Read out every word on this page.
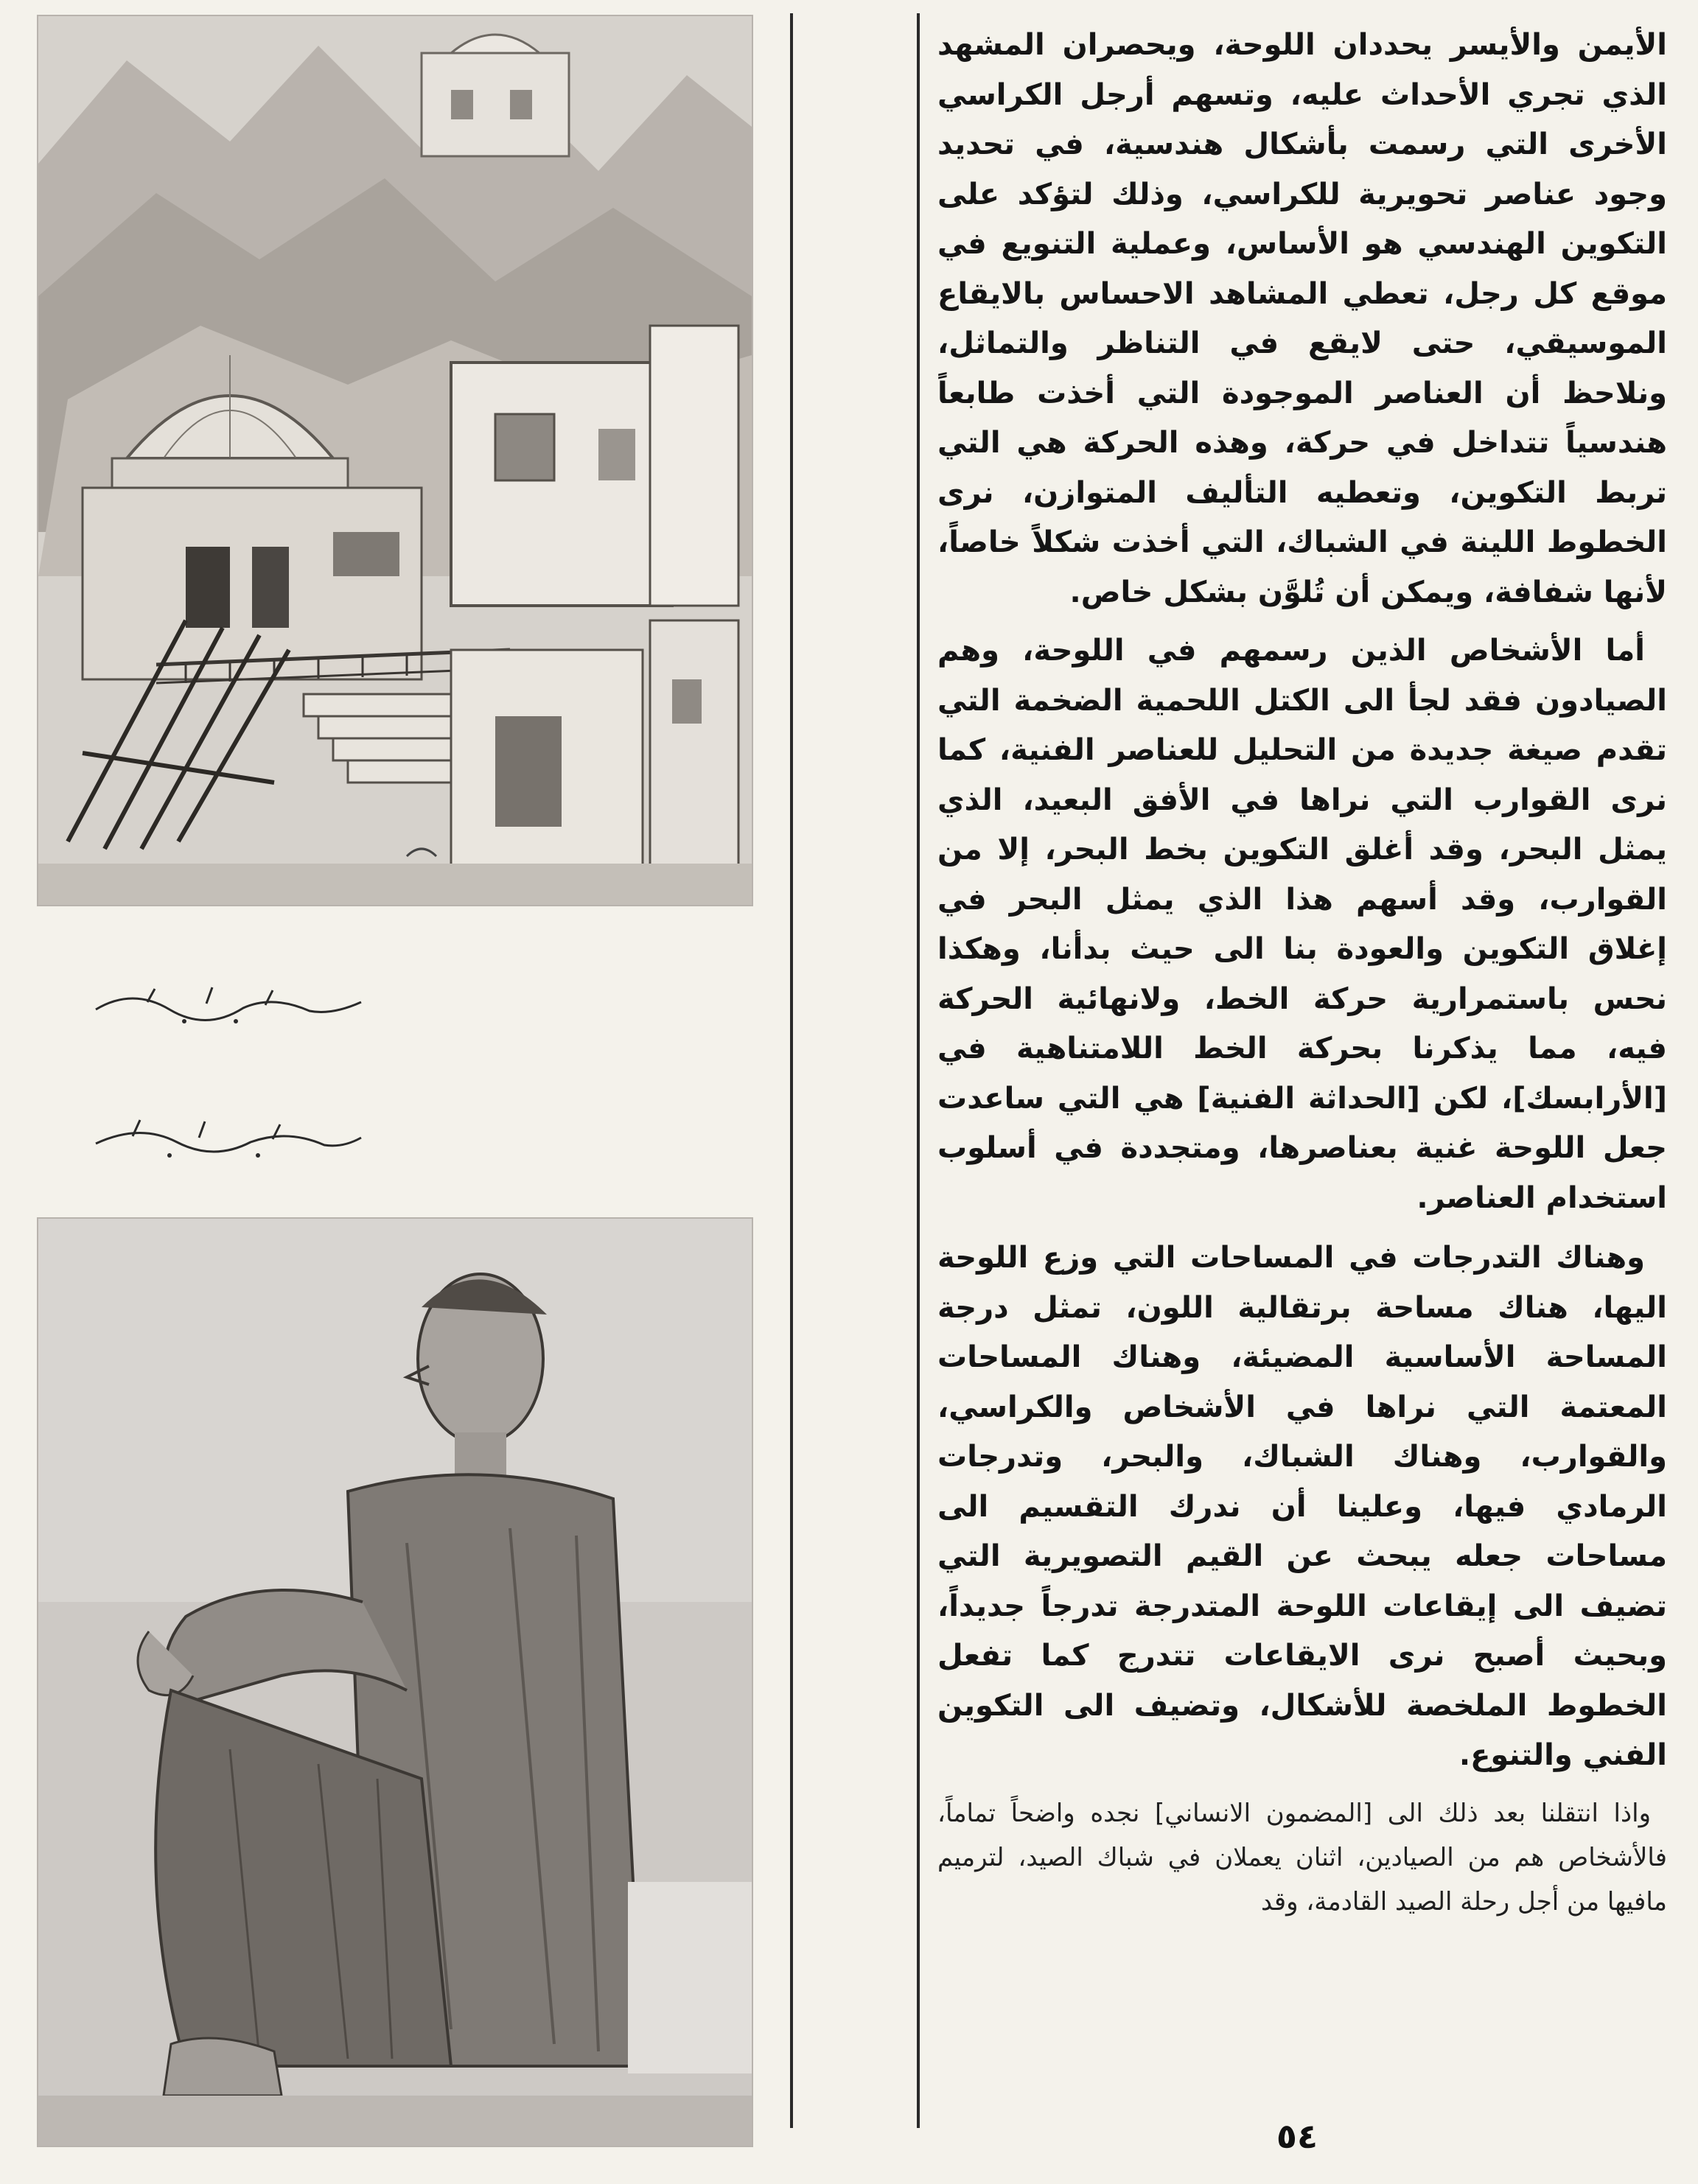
الأيمن والأيسر يحددان اللوحة، ويحصران المشهد الذي تجري الأحداث عليه، وتسهم أرجل الكراسي الأخرى التي رسمت بأشكال هندسية، في تحديد وجود عناصر تحويرية للكراسي، وذلك لتؤكد على التكوين الهندسي هو الأساس، وعملية التنويع في موقع كل رجل، تعطي المشاهد الاحساس بالايقاع الموسيقي، حتى لايقع في التناظر والتماثل، ونلاحظ أن العناصر الموجودة التي أخذت طابعاً هندسياً تتداخل في حركة، وهذه الحركة هي التي تربط التكوين، وتعطيه التأليف المتوازن، نرى الخطوط اللينة في الشباك، التي أخذت شكلاً خاصاً، لأنها شفافة، ويمكن أن تُلوَّن بشكل خاص.

أما الأشخاص الذين رسمهم في اللوحة، وهم الصيادون فقد لجأ الى الكتل اللحمية الضخمة التي تقدم صيغة جديدة من التحليل للعناصر الفنية، كما نرى القوارب التي نراها في الأفق البعيد، الذي يمثل البحر، وقد أغلق التكوين بخط البحر، إلا من القوارب، وقد أسهم هذا الذي يمثل البحر في إغلاق التكوين والعودة بنا الى حيث بدأنا، وهكذا نحس باستمرارية حركة الخط، ولانهائية الحركة فيه، مما يذكرنا بحركة الخط اللامتناهية في [الأرابسك]، لكن [الحداثة الفنية] هي التي ساعدت جعل اللوحة غنية بعناصرها، ومتجددة في أسلوب استخدام العناصر.

وهناك التدرجات في المساحات التي وزع اللوحة اليها، هناك مساحة برتقالية اللون، تمثل درجة المساحة الأساسية المضيئة، وهناك المساحات المعتمة التي نراها في الأشخاص والكراسي، والقوارب، وهناك الشباك، والبحر، وتدرجات الرمادي فيها، وعلينا أن ندرك التقسيم الى مساحات جعله يبحث عن القيم التصويرية التي تضيف الى إيقاعات اللوحة المتدرجة تدرجاً جديداً، وبحيث أصبح نرى الايقاعات تتدرج كما تفعل الخطوط الملخصة للأشكال، وتضيف الى التكوين الفني والتنوع.

واذا انتقلنا بعد ذلك الى [المضمون الانساني] نجده واضحاً تماماً، فالأشخاص هم من الصيادين، اثنان يعملان في شباك الصيد، لترميم مافيها من أجل رحلة الصيد القادمة، وقد

٥٤
